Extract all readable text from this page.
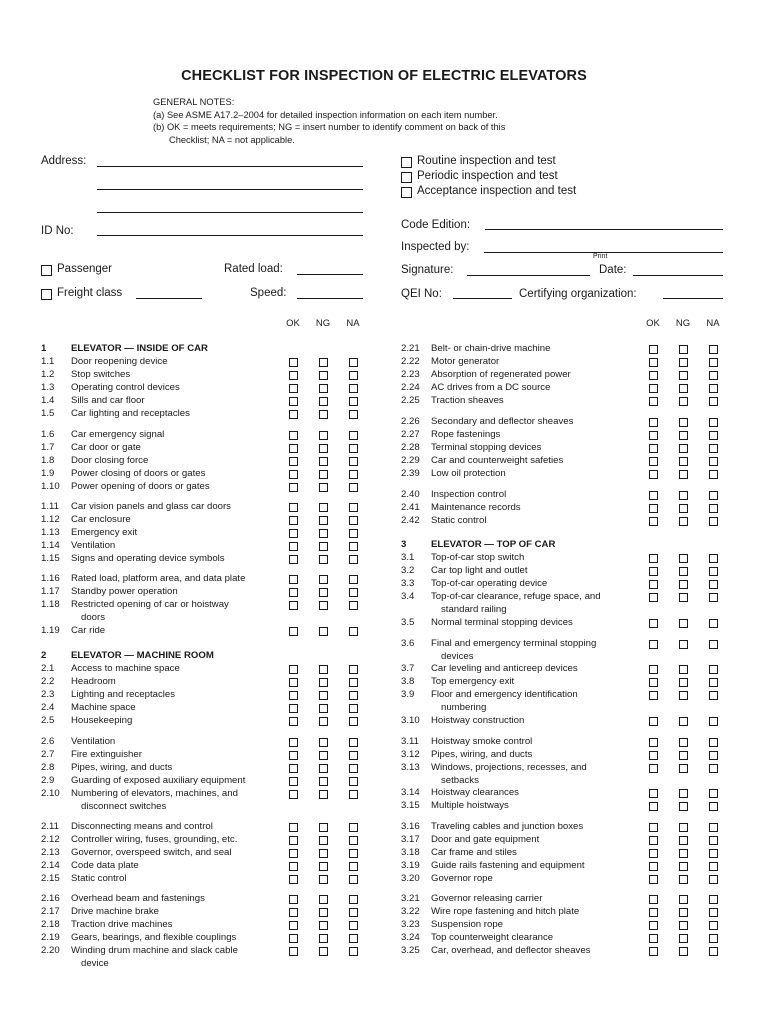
CHECKLIST FOR INSPECTION OF ELECTRIC ELEVATORS
GENERAL NOTES:
(a) See ASME A17.2–2004 for detailed inspection information on each item number.
(b) OK = meets requirements; NG = insert number to identify comment on back of this
Checklist; NA = not applicable.
Address:
ID No:
Passenger	Rated load:
Freight class	Speed:
Routine inspection and test
Periodic inspection and test
Acceptance inspection and test
Code Edition:
Inspected by:
Print
Signature:	Date:
QEI No:	Certifying organization:
OK	NG	NA	OK	NG	NA
1	ELEVATOR — INSIDE OF CAR
1.1 Door reopening device
1.2 Stop switches
1.3 Operating control devices
1.4 Sills and car floor
1.5 Car lighting and receptacles
1.6 Car emergency signal
1.7 Car door or gate
1.8 Door closing force
1.9 Power closing of doors or gates
1.10 Power opening of doors or gates
1.11 Car vision panels and glass car doors
1.12 Car enclosure
1.13 Emergency exit
1.14 Ventilation
1.15 Signs and operating device symbols
1.16 Rated load, platform area, and data plate
1.17 Standby power operation
1.18 Restricted opening of car or hoistway
doors
1.19 Car ride
2	ELEVATOR — MACHINE ROOM
2.1 Access to machine space
2.2 Headroom
2.3 Lighting and receptacles
2.4 Machine space
2.5 Housekeeping
2.6 Ventilation
2.7 Fire extinguisher
2.8 Pipes, wiring, and ducts
2.9 Guarding of exposed auxiliary equipment
2.10 Numbering of elevators, machines, and
disconnect switches
2.11 Disconnecting means and control
2.12 Controller wiring, fuses, grounding, etc.
2.13 Governor, overspeed switch, and seal
2.14 Code data plate
2.15 Static control
2.16 Overhead beam and fastenings
2.17 Drive machine brake
2.18 Traction drive machines
2.19 Gears, bearings, and flexible couplings
2.20 Winding drum machine and slack cable
device
2.21 Belt- or chain-drive machine
2.22 Motor generator
2.23 Absorption of regenerated power
2.24 AC drives from a DC source
2.25 Traction sheaves
2.26 Secondary and deflector sheaves
2.27 Rope fastenings
2.28 Terminal stopping devices
2.29 Car and counterweight safeties
2.39 Low oil protection
2.40 Inspection control
2.41 Maintenance records
2.42 Static control
3	ELEVATOR — TOP OF CAR
3.1 Top-of-car stop switch
3.2 Car top light and outlet
3.3 Top-of-car operating device
3.4 Top-of-car clearance, refuge space, and
standard railing
3.5 Normal terminal stopping devices
3.6 Final and emergency terminal stopping
devices
3.7 Car leveling and anticreep devices
3.8 Top emergency exit
3.9 Floor and emergency identification
numbering
3.10 Hoistway construction
3.11 Hoistway smoke control
3.12 Pipes, wiring, and ducts
3.13 Windows, projections, recesses, and
setbacks
3.14 Hoistway clearances
3.15 Multiple hoistways
3.16 Traveling cables and junction boxes
3.17 Door and gate equipment
3.18 Car frame and stiles
3.19 Guide rails fastening and equipment
3.20 Governor rope
3.21 Governor releasing carrier
3.22 Wire rope fastening and hitch plate
3.23 Suspension rope
3.24 Top counterweight clearance
3.25 Car, overhead, and deflector sheaves
